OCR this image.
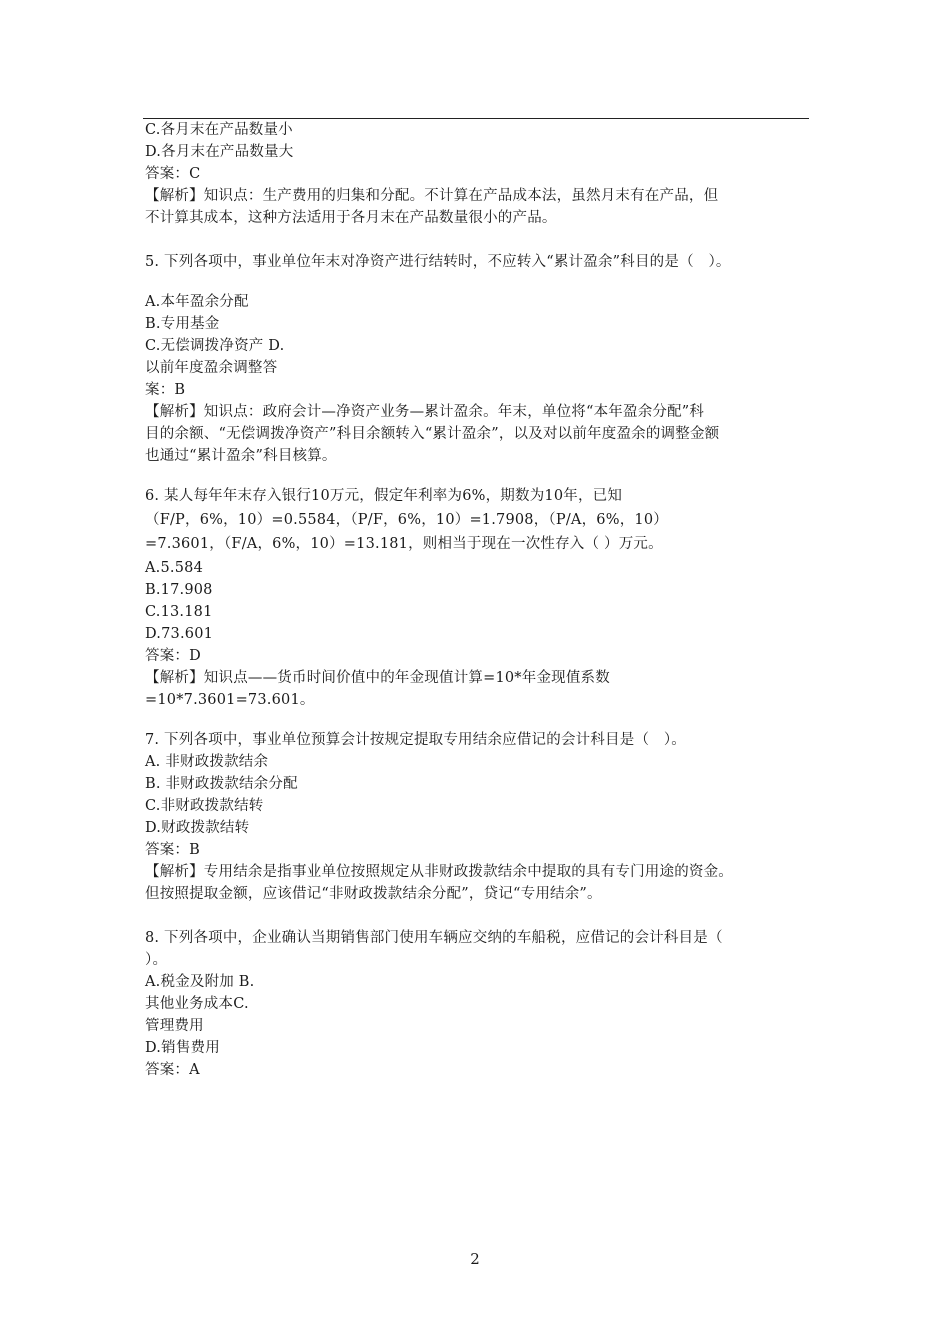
C.各月末在产品数量小
D.各月末在产品数量大
答案：C
【解析】知识点：生产费用的归集和分配。不计算在产品成本法，虽然月末有在产品，但
不计算其成本，这种方法适用于各月末在产品数量很小的产品。
5. 下列各项中，事业单位年末对净资产进行结转时，不应转入“累计盈余”科目的是（　）。
A.本年盈余分配
B.专用基金
C.无偿调拨净资产 D.
以前年度盈余调整答
案：B
【解析】知识点：政府会计—净资产业务—累计盈余。年末，单位将“本年盈余分配”科
目的余额、“无偿调拨净资产”科目余额转入“累计盈余”，以及对以前年度盈余的调整金额
也通过“累计盈余”科目核算。
6. 某人每年年末存入银行10万元，假定年利率为6%，期数为10年，已知
（F/P，6%，10）=0.5584，（P/F，6%，10）=1.7908，（P/A，6%，10）
=7.3601，（F/A，6%，10）=13.181，则相当于现在一次性存入（ ）万元。
A.5.584
B.17.908
C.13.181
D.73.601
答案：D
【解析】知识点——货币时间价值中的年金现值计算=10*年金现值系数
=10*7.3601=73.601。
7. 下列各项中，事业单位预算会计按规定提取专用结余应借记的会计科目是（　）。
A. 非财政拨款结余
B. 非财政拨款结余分配
C.非财政拨款结转
D.财政拨款结转
答案：B
【解析】专用结余是指事业单位按照规定从非财政拨款结余中提取的具有专门用途的资金。
但按照提取金额，应该借记“非财政拨款结余分配”，贷记“专用结余”。
8. 下列各项中，企业确认当期销售部门使用车辆应交纳的车船税，应借记的会计科目是（
）。
A.税金及附加 B.
其他业务成本C.
管理费用
D.销售费用
答案：A
2
